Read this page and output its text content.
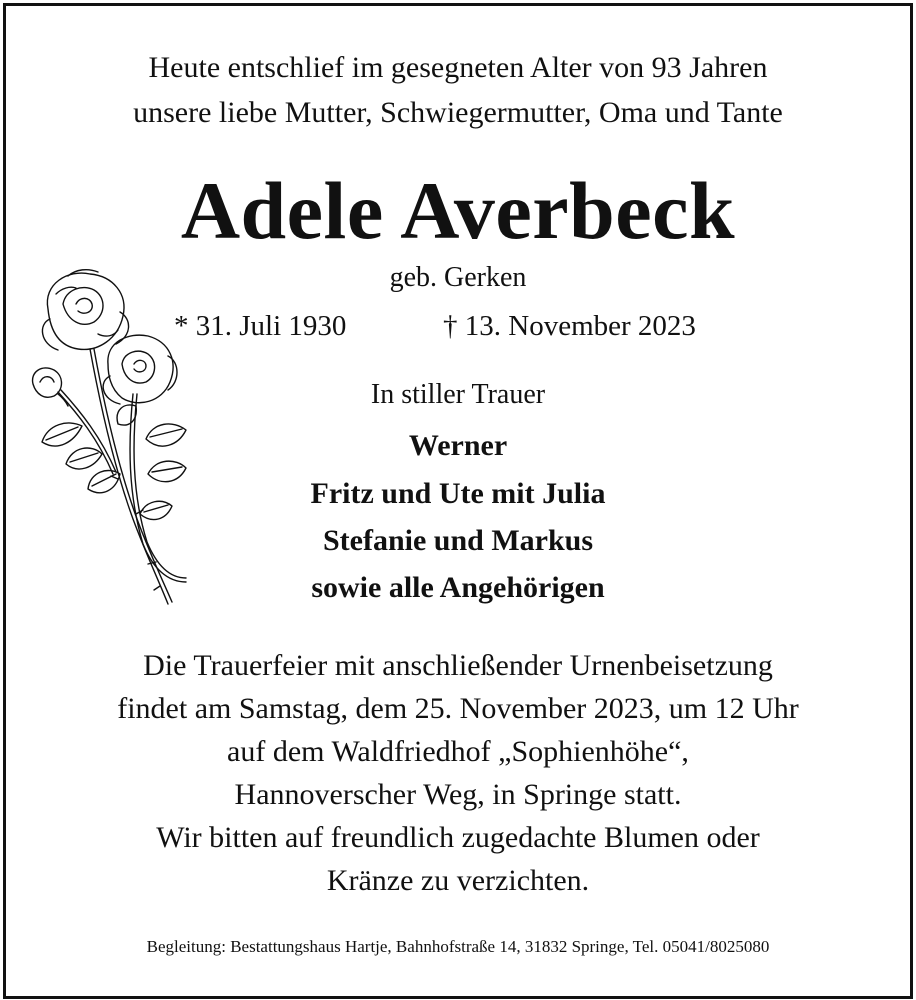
Heute entschlief im gesegneten Alter von 93 Jahren
unsere liebe Mutter, Schwiegermutter, Oma und Tante
Adele Averbeck
geb. Gerken
* 31. Juli 1930	† 13. November 2023
In stiller Trauer
Werner
Fritz und Ute mit Julia
Stefanie und Markus
sowie alle Angehörigen
Die Trauerfeier mit anschließender Urnenbeisetzung
findet am Samstag, dem 25. November 2023, um 12 Uhr
auf dem Waldfriedhof „Sophienhöhe“,
Hannoverscher Weg, in Springe statt.
Wir bitten auf freundlich zugedachte Blumen oder
Kränze zu verzichten.
Begleitung: Bestattungshaus Hartje, Bahnhofstraße 14, 31832 Springe, Tel. 05041/8025080
